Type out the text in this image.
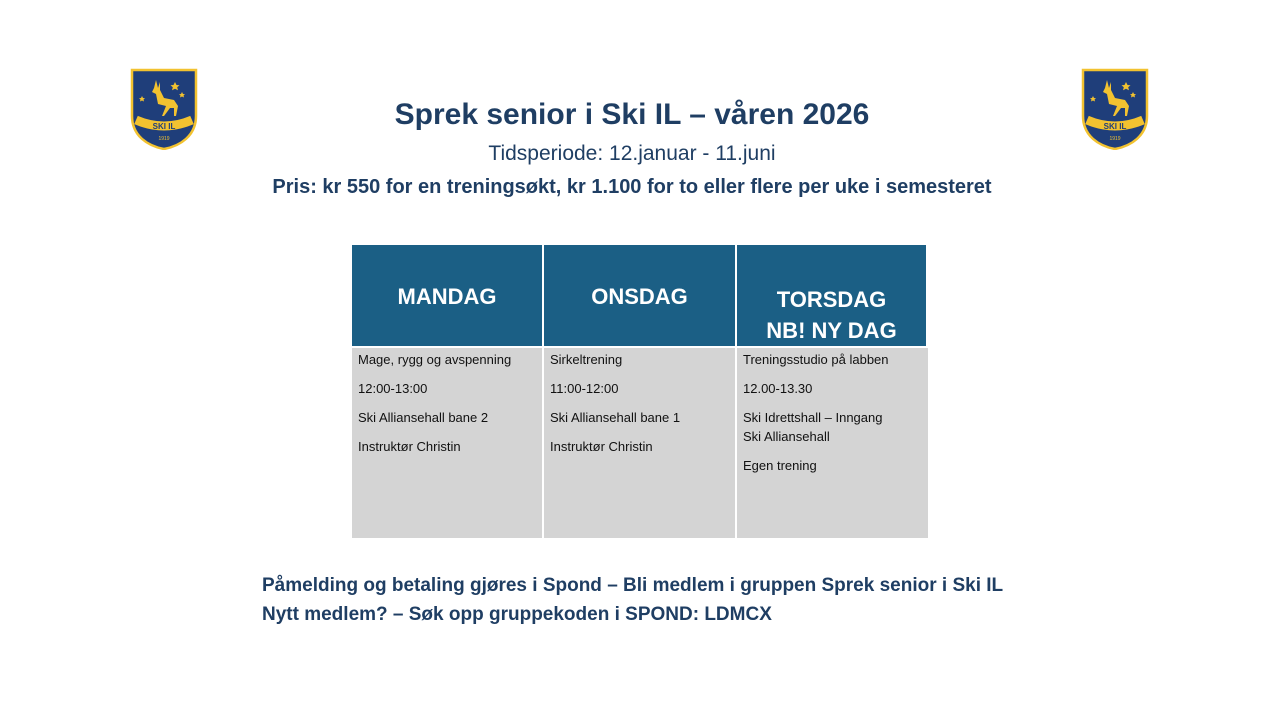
SKI IL
1919
SKI IL
1919
Sprek senior i Ski IL – våren 2026
Tidsperiode: 12.januar - 11.juni
Pris: kr 550 for en treningsøkt, kr 1.100 for to eller flere per uke i semesteret
MANDAG	ONSDAG	TORSDAG
NB! NY DAG

Mage, rygg og avspenning

12:00-13:00

Ski Alliansehall bane 2

Instruktør Christin

Sirkeltrening

11:00-12:00

Ski Alliansehall bane 1

Instruktør Christin

Treningsstudio på labben

12.00-13.30

Ski Idrettshall – Inngang Ski Alliansehall

Egen trening

Påmelding og betaling gjøres i Spond – Bli medlem i gruppen Sprek senior i Ski IL
Nytt medlem? – Søk opp gruppekoden i SPOND: LDMCX
